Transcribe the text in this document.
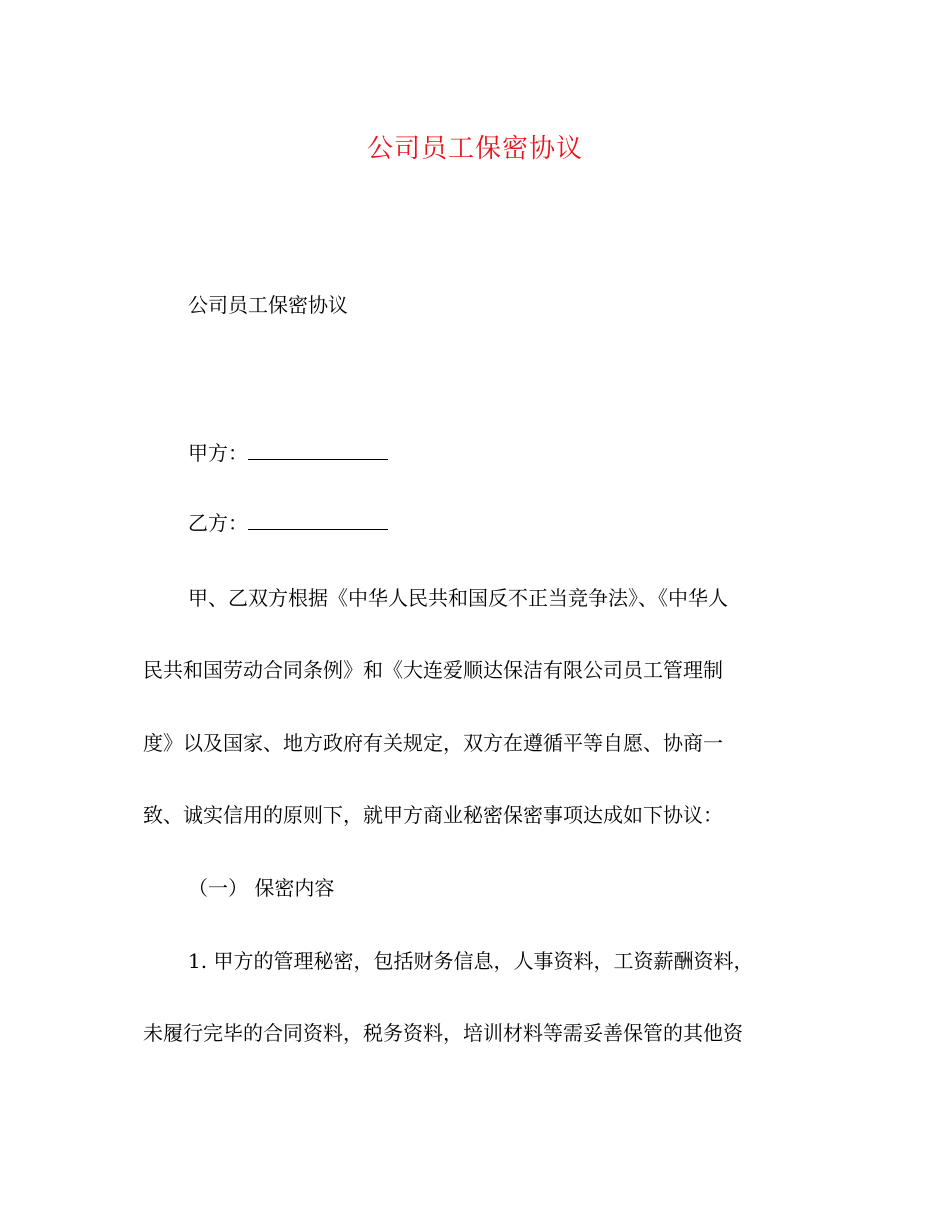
公司员工保密协议
公司员工保密协议
甲方：
乙方：
甲、乙双方根据《中华人民共和国反不正当竞争法》、《中华人
民共和国劳动合同条例》和《大连爱顺达保洁有限公司员工管理制
度》以及国家、地方政府有关规定，双方在遵循平等自愿、协商一
致、诚实信用的原则下，就甲方商业秘密保密事项达成如下协议：
（一） 保密内容
1. 甲方的管理秘密，包括财务信息，人事资料，工资薪酬资料，
未履行完毕的合同资料，税务资料，培训材料等需妥善保管的其他资
